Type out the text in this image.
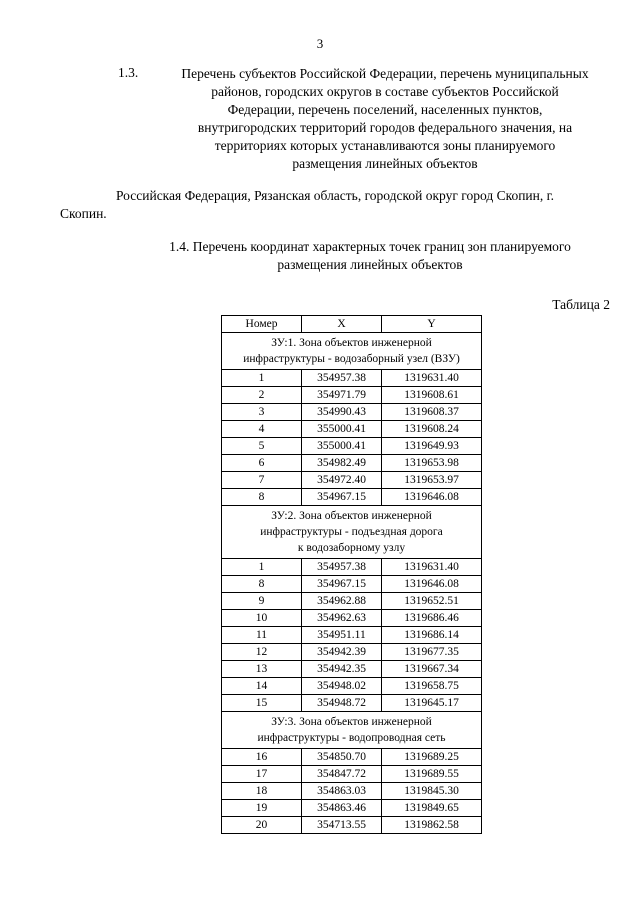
3
1.3.	Перечень субъектов Российской Федерации, перечень муниципальных
районов, городских округов в составе субъектов Российской
Федерации, перечень поселений, населенных пунктов,
внутригородских территорий городов федерального значения, на
территориях которых устанавливаются зоны планируемого
размещения линейных объектов
Российская Федерация, Рязанская область, городской округ город Скопин, г.
Скопин.
1.4. Перечень координат характерных точек границ зон планируемого
размещения линейных объектов
Таблица 2
Номер	X	Y

ЗУ:1. Зона объектов инженерной
инфраструктуры - водозаборный узел (ВЗУ)		

1	354957.38	1319631.40
2	354971.79	1319608.61
3	354990.43	1319608.37
4	355000.41	1319608.24
5	355000.41	1319649.93
6	354982.49	1319653.98
7	354972.40	1319653.97
8	354967.15	1319646.08

ЗУ:2. Зона объектов инженерной
инфраструктуры - подъездная дорога
к водозаборному узлу		

1	354957.38	1319631.40
8	354967.15	1319646.08
9	354962.88	1319652.51
10	354962.63	1319686.46
11	354951.11	1319686.14
12	354942.39	1319677.35
13	354942.35	1319667.34
14	354948.02	1319658.75
15	354948.72	1319645.17

ЗУ:3. Зона объектов инженерной
инфраструктуры - водопроводная сеть		

16	354850.70	1319689.25
17	354847.72	1319689.55
18	354863.03	1319845.30
19	354863.46	1319849.65
20	354713.55	1319862.58
